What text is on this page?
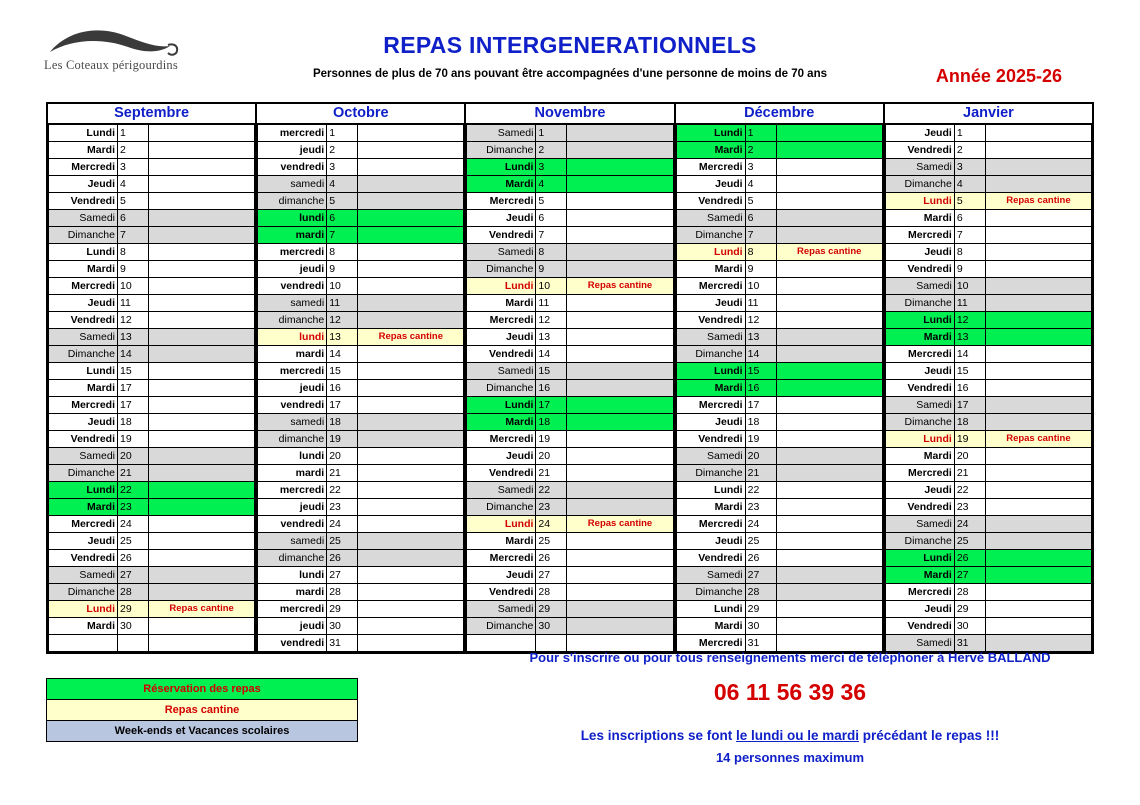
Les Coteaux périgourdins
REPAS INTERGENERATIONNELS
Personnes de plus de 70 ans pouvant être accompagnées d'une personne de moins de 70 ans	Année 2025-26
Septembre
Lundi	1	
Mardi	2	
Mercredi	3	
Jeudi	4	
Vendredi	5	
Samedi	6	
Dimanche	7	
Lundi	8	
Mardi	9	
Mercredi	10	
Jeudi	11	
Vendredi	12	
Samedi	13	
Dimanche	14	
Lundi	15	
Mardi	17	
Mercredi	17	
Jeudi	18	
Vendredi	19	
Samedi	20	
Dimanche	21	
Lundi	22	
Mardi	23	
Mercredi	24	
Jeudi	25	
Vendredi	26	
Samedi	27	
Dimanche	28	
Lundi	29	Repas cantine
Mardi	30	

Octobre
mercredi	1	
jeudi	2	
vendredi	3	
samedi	4	
dimanche	5	
lundi	6	
mardi	7	
mercredi	8	
jeudi	9	
vendredi	10	
samedi	11	
dimanche	12	
lundi	13	Repas cantine
mardi	14	
mercredi	15	
jeudi	16	
vendredi	17	
samedi	18	
dimanche	19	
lundi	20	
mardi	21	
mercredi	22	
jeudi	23	
vendredi	24	
samedi	25	
dimanche	26	
lundi	27	
mardi	28	
mercredi	29	
jeudi	30	
vendredi	31	
Novembre
Samedi	1	
Dimanche	2	
Lundi	3	
Mardi	4	
Mercredi	5	
Jeudi	6	
Vendredi	7	
Samedi	8	
Dimanche	9	
Lundi	10	Repas cantine
Mardi	11	
Mercredi	12	
Jeudi	13	
Vendredi	14	
Samedi	15	
Dimanche	16	
Lundi	17	
Mardi	18	
Mercredi	19	
Jeudi	20	
Vendredi	21	
Samedi	22	
Dimanche	23	
Lundi	24	Repas cantine
Mardi	25	
Mercredi	26	
Jeudi	27	
Vendredi	28	
Samedi	29	
Dimanche	30	

Décembre
Lundi	1	
Mardi	2	
Mercredi	3	
Jeudi	4	
Vendredi	5	
Samedi	6	
Dimanche	7	
Lundi	8	Repas cantine
Mardi	9	
Mercredi	10	
Jeudi	11	
Vendredi	12	
Samedi	13	
Dimanche	14	
Lundi	15	
Mardi	16	
Mercredi	17	
Jeudi	18	
Vendredi	19	
Samedi	20	
Dimanche	21	
Lundi	22	
Mardi	23	
Mercredi	24	
Jeudi	25	
Vendredi	26	
Samedi	27	
Dimanche	28	
Lundi	29	
Mardi	30	
Mercredi	31	
Janvier
Jeudi	1	
Vendredi	2	
Samedi	3	
Dimanche	4	
Lundi	5	Repas cantine
Mardi	6	
Mercredi	7	
Jeudi	8	
Vendredi	9	
Samedi	10	
Dimanche	11	
Lundi	12	
Mardi	13	
Mercredi	14	
Jeudi	15	
Vendredi	16	
Samedi	17	
Dimanche	18	
Lundi	19	Repas cantine
Mardi	20	
Mercredi	21	
Jeudi	22	
Vendredi	23	
Samedi	24	
Dimanche	25	
Lundi	26	
Mardi	27	
Mercredi	28	
Jeudi	29	
Vendredi	30	
Samedi	31	
Réservation des repas
Repas cantine
Week-ends et Vacances scolaires
Pour s'inscrire ou pour tous renseignements merci de téléphoner à Hervé BALLAND
06 11 56 39 36
Les inscriptions se font le lundi ou le mardi précédant le repas !!!
14 personnes maximum
